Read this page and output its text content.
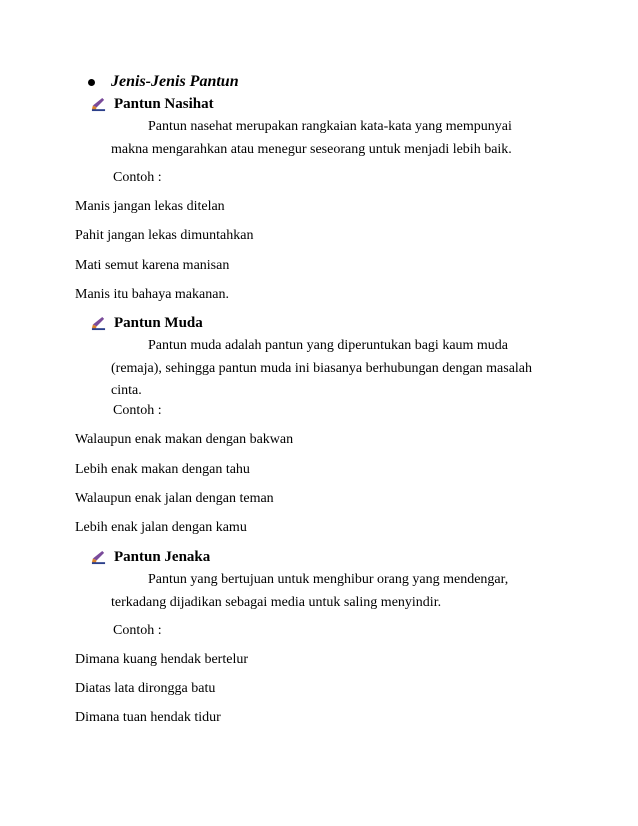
Jenis-Jenis Pantun
Pantun Nasihat
Pantun nasehat merupakan rangkaian kata-kata yang mempunyai makna mengarahkan atau menegur seseorang untuk menjadi lebih baik.
Contoh :
Manis jangan lekas ditelan
Pahit jangan lekas dimuntahkan
Mati semut karena manisan
Manis itu bahaya makanan.
Pantun Muda
Pantun muda adalah pantun yang diperuntukan bagi kaum muda (remaja), sehingga pantun muda ini biasanya berhubungan dengan masalah cinta.
Contoh :
Walaupun enak makan dengan bakwan
Lebih enak makan dengan tahu
Walaupun enak jalan dengan teman
Lebih enak jalan dengan kamu
Pantun Jenaka
Pantun yang bertujuan untuk menghibur orang yang mendengar, terkadang dijadikan sebagai media untuk saling menyindir.
Contoh :
Dimana kuang hendak bertelur
Diatas lata dirongga batu
Dimana tuan hendak tidur
